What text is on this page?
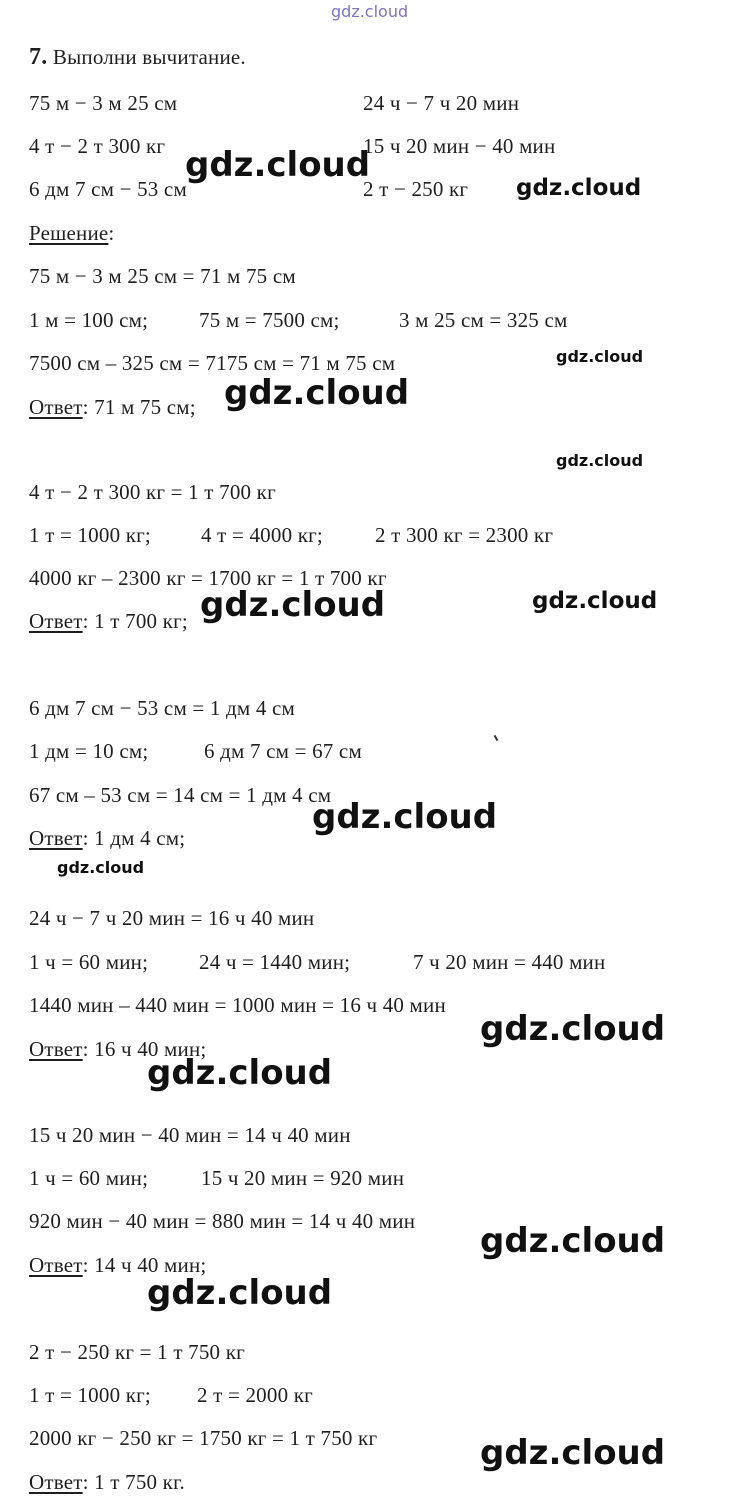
gdz.cloud
7. Выполни вычитание.
75 м − 3 м 25 см	24 ч − 7 ч 20 мин
4 т − 2 т 300 кг	15 ч 20 мин − 40 мин
6 дм 7 см − 53 см	2 т − 250 кг
Решение:
75 м − 3 м 25 см = 71 м 75 см
1 м = 100 см; 75 м = 7500 см;	3 м 25 см = 325 см
7500 см – 325 см = 7175 см = 71 м 75 см
Ответ: 71 м 75 см;
4 т − 2 т 300 кг = 1 т 700 кг
1 т = 1000 кг; 4 т = 4000 кг; 2 т 300 кг = 2300 кг
4000 кг – 2300 кг = 1700 кг = 1 т 700 кг
Ответ: 1 т 700 кг;
6 дм 7 см − 53 см = 1 дм 4 см
1 дм = 10 см;	6 дм 7 см = 67 см
67 см – 53 см = 14 см = 1 дм 4 см
Ответ: 1 дм 4 см;
24 ч − 7 ч 20 мин = 16 ч 40 мин
1 ч = 60 мин; 24 ч = 1440 мин;	7 ч 20 мин = 440 мин
1440 мин – 440 мин = 1000 мин = 16 ч 40 мин
Ответ: 16 ч 40 мин;
15 ч 20 мин − 40 мин = 14 ч 40 мин
1 ч = 60 мин;	15 ч 20 мин = 920 мин
920 мин − 40 мин = 880 мин = 14 ч 40 мин
Ответ: 14 ч 40 мин;
2 т − 250 кг = 1 т 750 кг
1 т = 1000 кг; 2 т = 2000 кг
2000 кг − 250 кг = 1750 кг = 1 т 750 кг
Ответ: 1 т 750 кг.
gdz.cloud
gdz.cloud
gdz.cloud
gdz.cloud
gdz.cloud
gdz.cloud	gdz.cloud
gdz.cloud
gdz.cloud
gdz.cloud
gdz.cloud
gdz.cloud
gdz.cloud
gdz.cloud
